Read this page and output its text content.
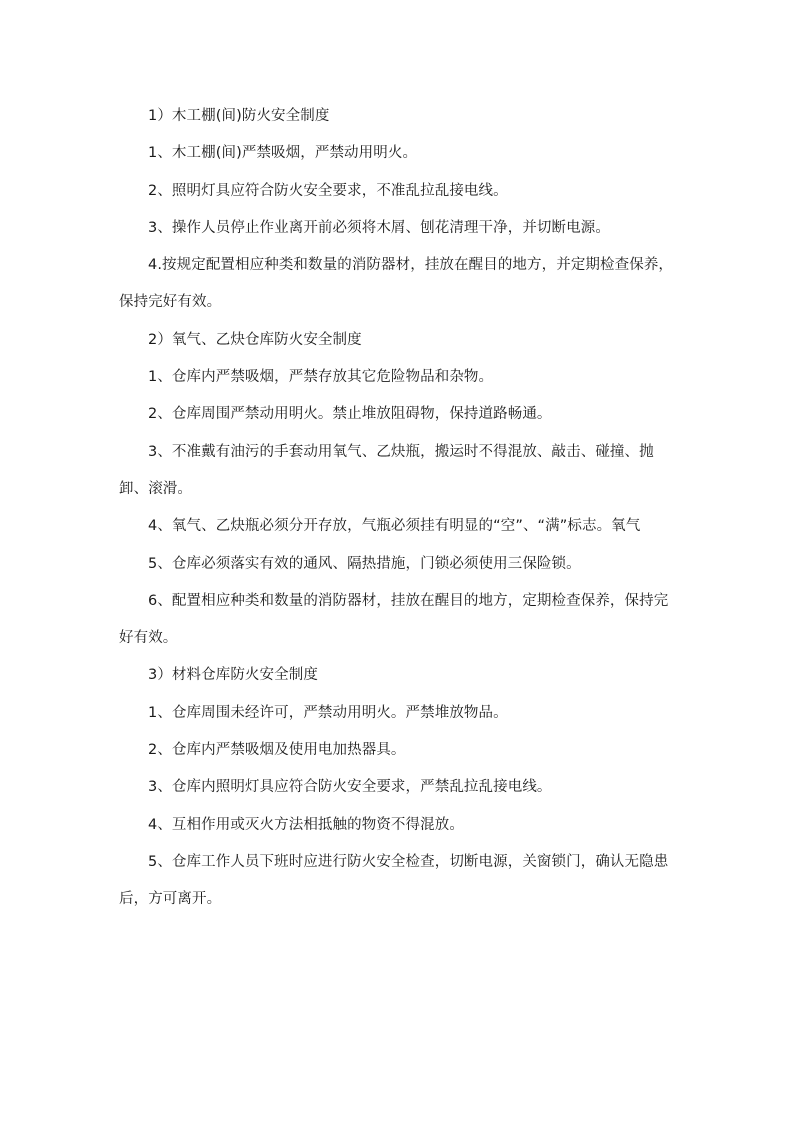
1）木工棚(间)防火安全制度

1、木工棚(间)严禁吸烟，严禁动用明火。

2、照明灯具应符合防火安全要求，不准乱拉乱接电线。

3、操作人员停止作业离开前必须将木屑、刨花清理干净，并切断电源。

4.按规定配置相应种类和数量的消防器材，挂放在醒目的地方，并定期检查保养，保持完好有效。

2）氧气、乙炔仓库防火安全制度

1、仓库内严禁吸烟，严禁存放其它危险物品和杂物。

2、仓库周围严禁动用明火。禁止堆放阻碍物，保持道路畅通。

3、不准戴有油污的手套动用氧气、乙炔瓶，搬运时不得混放、敲击、碰撞、抛卸、滚滑。

4、氧气、乙炔瓶必须分开存放，气瓶必须挂有明显的“空”、“满”标志。氧气

5、仓库必须落实有效的通风、隔热措施，门锁必须使用三保险锁。

6、配置相应种类和数量的消防器材，挂放在醒目的地方，定期检查保养，保持完好有效。

3）材料仓库防火安全制度

1、仓库周围未经许可，严禁动用明火。严禁堆放物品。

2、仓库内严禁吸烟及使用电加热器具。

3、仓库内照明灯具应符合防火安全要求，严禁乱拉乱接电线。

4、互相作用或灭火方法相抵触的物资不得混放。

5、仓库工作人员下班时应进行防火安全检查，切断电源，关窗锁门，确认无隐患后，方可离开。
